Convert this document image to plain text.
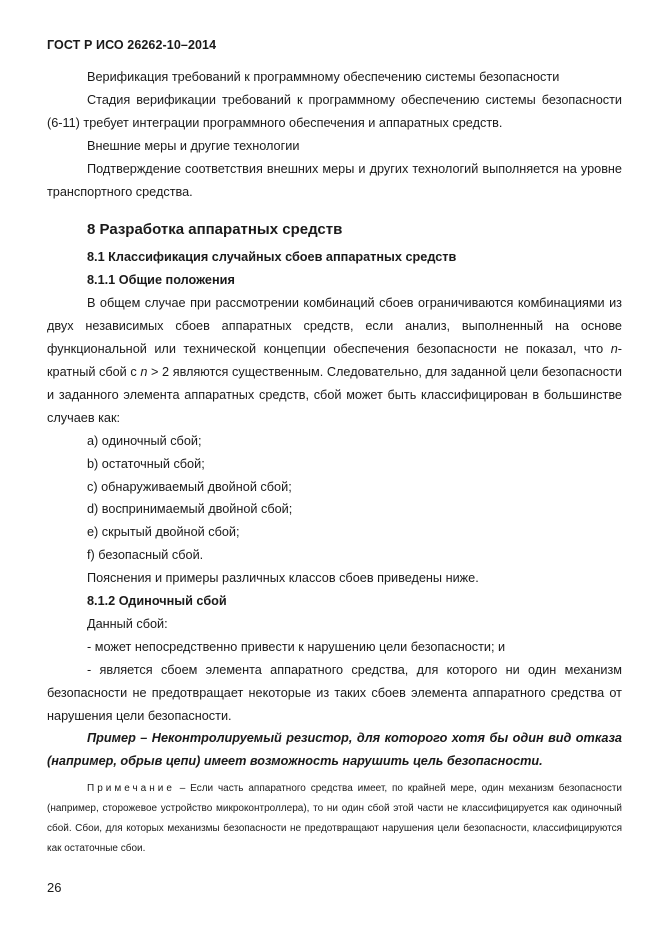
ГОСТ Р ИСО 26262-10–2014

Верификация требований к программному обеспечению системы безопасности

Стадия верификации требований к программному обеспечению системы безопасности (6-11) требует интеграции программного обеспечения и аппаратных средств.

Внешние меры и другие технологии

Подтверждение соответствия внешних меры и других технологий выполняется на уровне транспортного средства.

8 Разработка аппаратных средств
8.1 Классификация случайных сбоев аппаратных средств
8.1.1 Общие положения

В общем случае при рассмотрении комбинаций сбоев ограничиваются комбинациями из двух независимых сбоев аппаратных средств, если анализ, выполненный на основе функциональной или технической концепции обеспечения безопасности не показал, что n-кратный сбой с n > 2 являются существенным. Следовательно, для заданной цели безопасности и заданного элемента аппаратных средств, сбой может быть классифицирован в большинстве случаев как:

a) одиночный сбой;

b) остаточный сбой;

c) обнаруживаемый двойной сбой;

d) воспринимаемый двойной сбой;

e) скрытый двойной сбой;

f) безопасный сбой.

Пояснения и примеры различных классов сбоев приведены ниже.

8.1.2 Одиночный сбой

Данный сбой:

- может непосредственно привести к нарушению цели безопасности; и

- является сбоем элемента аппаратного средства, для которого ни один механизм безопасности не предотвращает некоторые из таких сбоев элемента аппаратного средства от нарушения цели безопасности.

Пример – Неконтролируемый резистор, для которого хотя бы один вид отказа (например, обрыв цепи) имеет возможность нарушить цель безопасности.

Примечание – Если часть аппаратного средства имеет, по крайней мере, один механизм безопасности (например, сторожевое устройство микроконтроллера), то ни один сбой этой части не классифицируется как одиночный сбой. Сбои, для которых механизмы безопасности не предотвращают нарушения цели безопасности, классифицируются как остаточные сбои.

26
